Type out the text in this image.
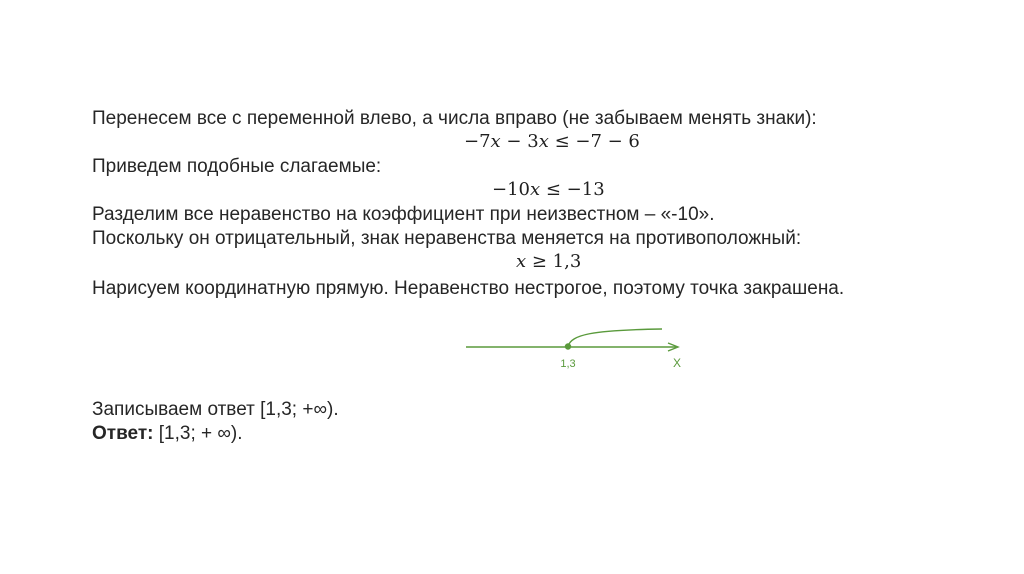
Перенесем все с переменной влево, а числа вправо (не забываем менять знаки):
−7x − 3x ≤ −7 − 6
Приведем подобные слагаемые:
−10x ≤ −13
Разделим все неравенство на коэффициент при неизвестном – «-10».
Поскольку он отрицательный, знак неравенства меняется на противоположный:
x ≥ 1,3
Нарисуем координатную прямую. Неравенство нестрогое, поэтому точка закрашена.
1,3	X
Записываем ответ [1,3; +∞).
Ответ: [1,3; + ∞).
